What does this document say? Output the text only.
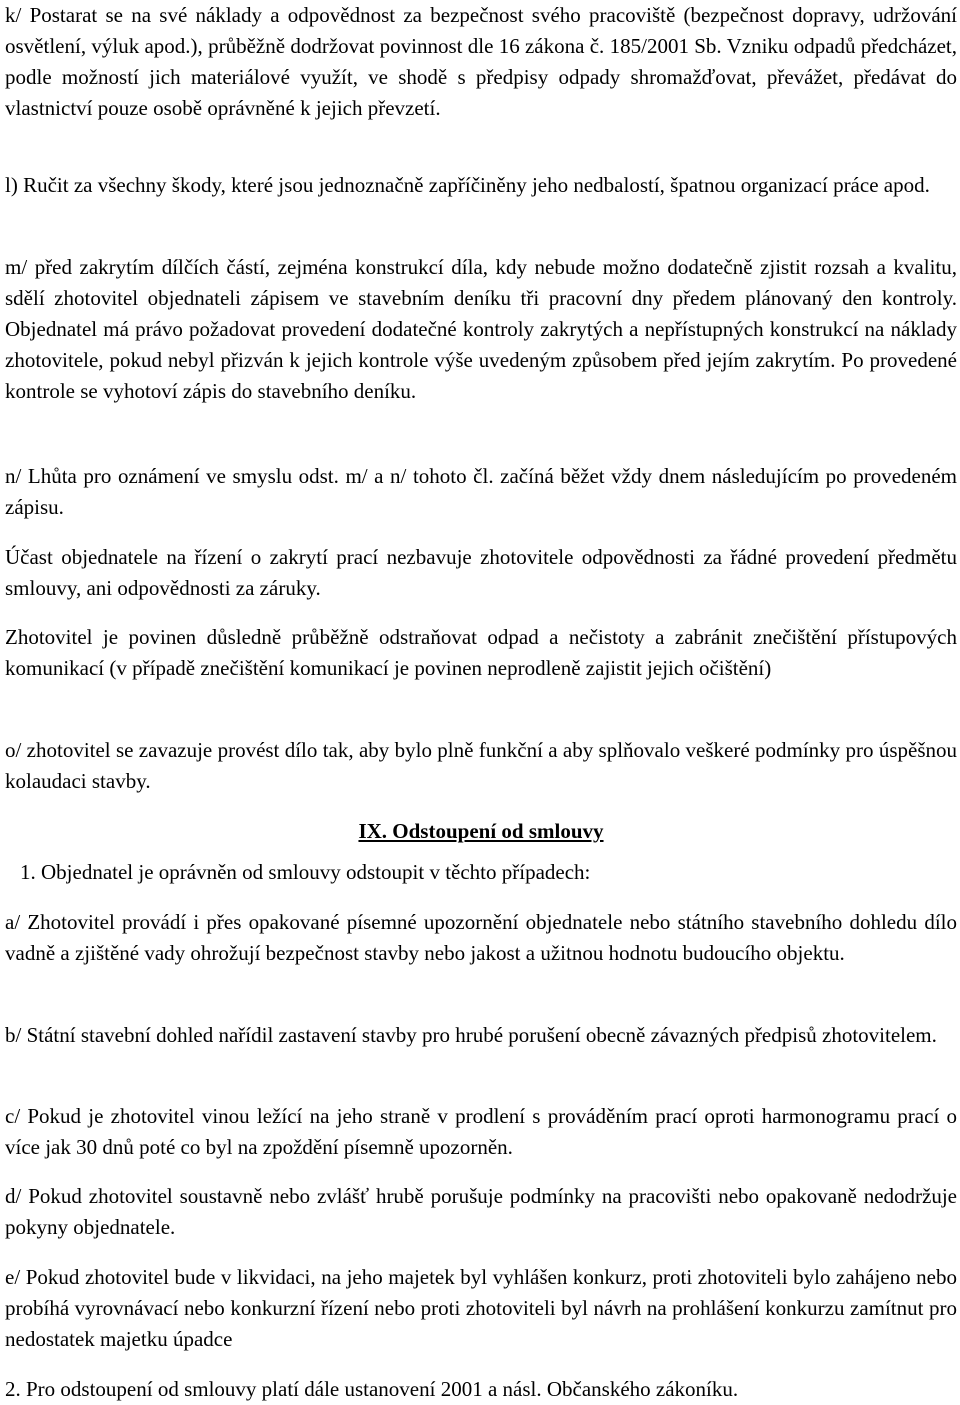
k/ Postarat se na své náklady a odpovědnost za bezpečnost svého pracoviště (bezpečnost dopravy, udržování osvětlení, výluk apod.), průběžně dodržovat povinnost dle 16 zákona č. 185/2001 Sb. Vzniku odpadů předcházet, podle možností jich materiálové využít, ve shodě s předpisy odpady shromažďovat, převážet, předávat do vlastnictví pouze osobě oprávněné k jejich převzetí.

l) Ručit za všechny škody, které jsou jednoznačně zapříčiněny jeho nedbalostí, špatnou organizací práce apod.

m/ před zakrytím dílčích částí, zejména konstrukcí díla, kdy nebude možno dodatečně zjistit rozsah a kvalitu, sdělí zhotovitel objednateli zápisem ve stavebním deníku tři pracovní dny předem plánovaný den kontroly. Objednatel má právo požadovat provedení dodatečné kontroly zakrytých a nepřístupných konstrukcí na náklady zhotovitele, pokud nebyl přizván k jejich kontrole výše uvedeným způsobem před jejím zakrytím. Po provedené kontrole se vyhotoví zápis do stavebního deníku.

n/ Lhůta pro oznámení ve smyslu odst. m/ a n/ tohoto čl. začíná běžet vždy dnem následujícím po provedeném zápisu.

Účast objednatele na řízení o zakrytí prací nezbavuje zhotovitele odpovědnosti za řádné provedení předmětu smlouvy, ani odpovědnosti za záruky.

Zhotovitel je povinen důsledně průběžně odstraňovat odpad a nečistoty a zabránit znečištění přístupových komunikací (v případě znečištění komunikací je povinen neprodleně zajistit jejich očištění)

o/ zhotovitel se zavazuje provést dílo tak, aby bylo plně funkční a aby splňovalo veškeré podmínky pro úspěšnou kolaudaci stavby.

IX. Odstoupení od smlouvy

1. Objednatel je oprávněn od smlouvy odstoupit v těchto případech:

a/ Zhotovitel provádí i přes opakované písemné upozornění objednatele nebo státního stavebního dohledu dílo vadně a zjištěné vady ohrožují bezpečnost stavby nebo jakost a užitnou hodnotu budoucího objektu.

b/ Státní stavební dohled nařídil zastavení stavby pro hrubé porušení obecně závazných předpisů zhotovitelem.

c/ Pokud je zhotovitel vinou ležící na jeho straně v prodlení s prováděním prací oproti harmonogramu prací o více jak 30 dnů poté co byl na zpoždění písemně upozorněn.

d/ Pokud zhotovitel soustavně nebo zvlášť hrubě porušuje podmínky na pracovišti nebo opakovaně nedodržuje pokyny objednatele.

e/ Pokud zhotovitel bude v likvidaci, na jeho majetek byl vyhlášen konkurz, proti zhotoviteli bylo zahájeno nebo probíhá vyrovnávací nebo konkurzní řízení nebo proti zhotoviteli byl návrh na prohlášení konkurzu zamítnut pro nedostatek majetku úpadce

2. Pro odstoupení od smlouvy platí dále ustanovení 2001 a násl. Občanského zákoníku.
